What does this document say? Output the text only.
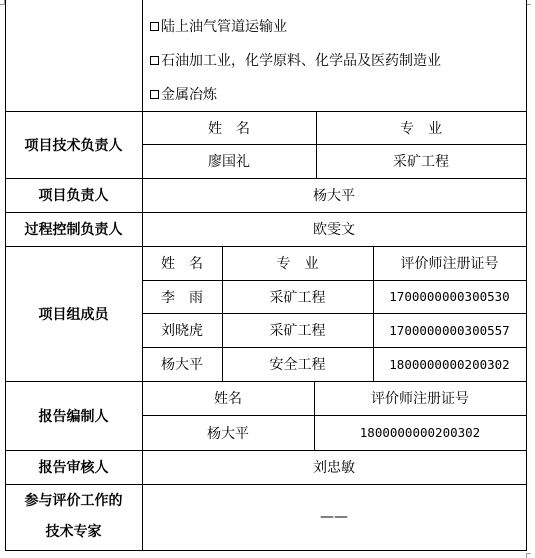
陆上油气管道运输业
石油加工业，化学原料、化学品及医药制造业
金属冶炼
项目技术负责人
姓　名	专　业
廖国礼	采矿工程
项目负责人	杨大平
过程控制负责人	欧雯文
项目组成员
姓　名	专　业	评价师注册证号
李　雨	采矿工程	1700000000300530
刘晓虎	采矿工程	1700000000300557
杨大平	安全工程	1800000000200302
报告编制人
姓名	评价师注册证号
杨大平	1800000000200302
报告审核人	刘忠敏
参与评价工作的
技术专家
——
